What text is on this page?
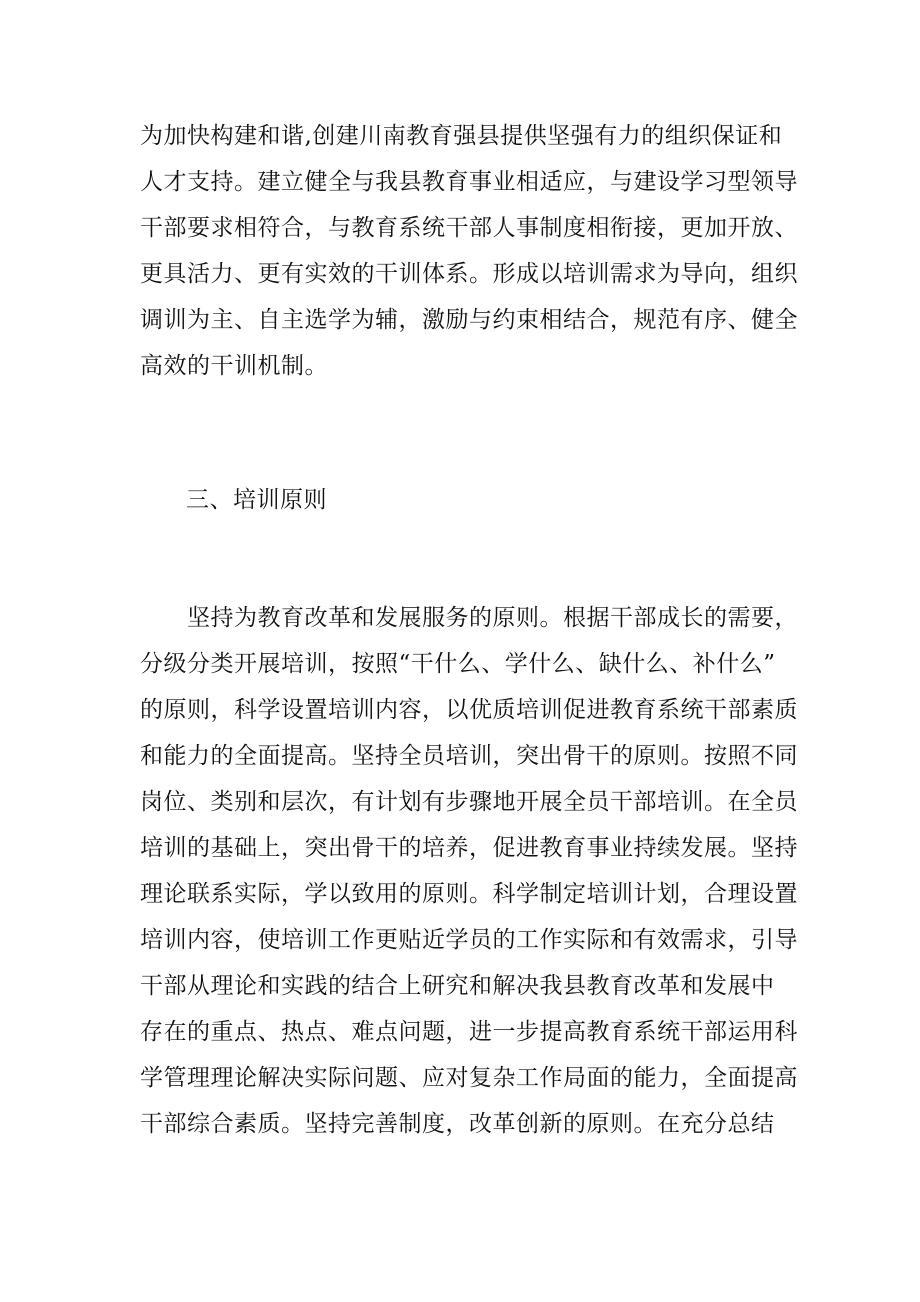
为加快构建和谐,创建川南教育强县提供坚强有力的组织保证和
人才支持。建立健全与我县教育事业相适应，与建设学习型领导
干部要求相符合，与教育系统干部人事制度相衔接，更加开放、
更具活力、更有实效的干训体系。形成以培训需求为导向，组织
调训为主、自主选学为辅，激励与约束相结合，规范有序、健全
高效的干训机制。
三、培训原则
　　坚持为教育改革和发展服务的原则。根据干部成长的需要，
分级分类开展培训，按照“干什么、学什么、缺什么、补什么”
的原则，科学设置培训内容，以优质培训促进教育系统干部素质
和能力的全面提高。坚持全员培训，突出骨干的原则。按照不同
岗位、类别和层次，有计划有步骤地开展全员干部培训。在全员
培训的基础上，突出骨干的培养，促进教育事业持续发展。坚持
理论联系实际，学以致用的原则。科学制定培训计划，合理设置
培训内容，使培训工作更贴近学员的工作实际和有效需求，引导
干部从理论和实践的结合上研究和解决我县教育改革和发展中
存在的重点、热点、难点问题，进一步提高教育系统干部运用科
学管理理论解决实际问题、应对复杂工作局面的能力，全面提高
干部综合素质。坚持完善制度，改革创新的原则。在充分总结
